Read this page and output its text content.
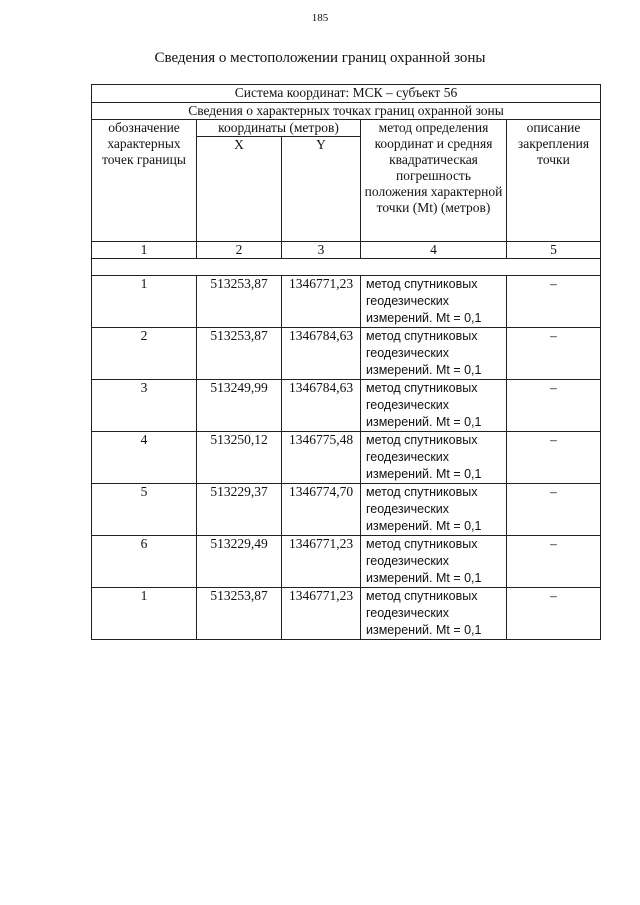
185
Сведения о местоположении границ охранной зоны
Система координат: МСК – субъект 56				
Сведения о характерных точках границ охранной зоны				
обозначение характерных точек границы	координаты (метров)		метод определения координат и средняя квадратическая погрешность положения характерной точки (Mt) (метров)	описание закрепления точки
	X	Y		
1	2	3	4	5

1	513253,87	1346771,23	метод спутниковых геодезических измерений. Mt = 0,1	–
2	513253,87	1346784,63	метод спутниковых геодезических измерений. Mt = 0,1	–
3	513249,99	1346784,63	метод спутниковых геодезических измерений. Mt = 0,1	–
4	513250,12	1346775,48	метод спутниковых геодезических измерений. Mt = 0,1	–
5	513229,37	1346774,70	метод спутниковых геодезических измерений. Mt = 0,1	–
6	513229,49	1346771,23	метод спутниковых геодезических измерений. Mt = 0,1	–
1	513253,87	1346771,23	метод спутниковых геодезических измерений. Mt = 0,1	–
